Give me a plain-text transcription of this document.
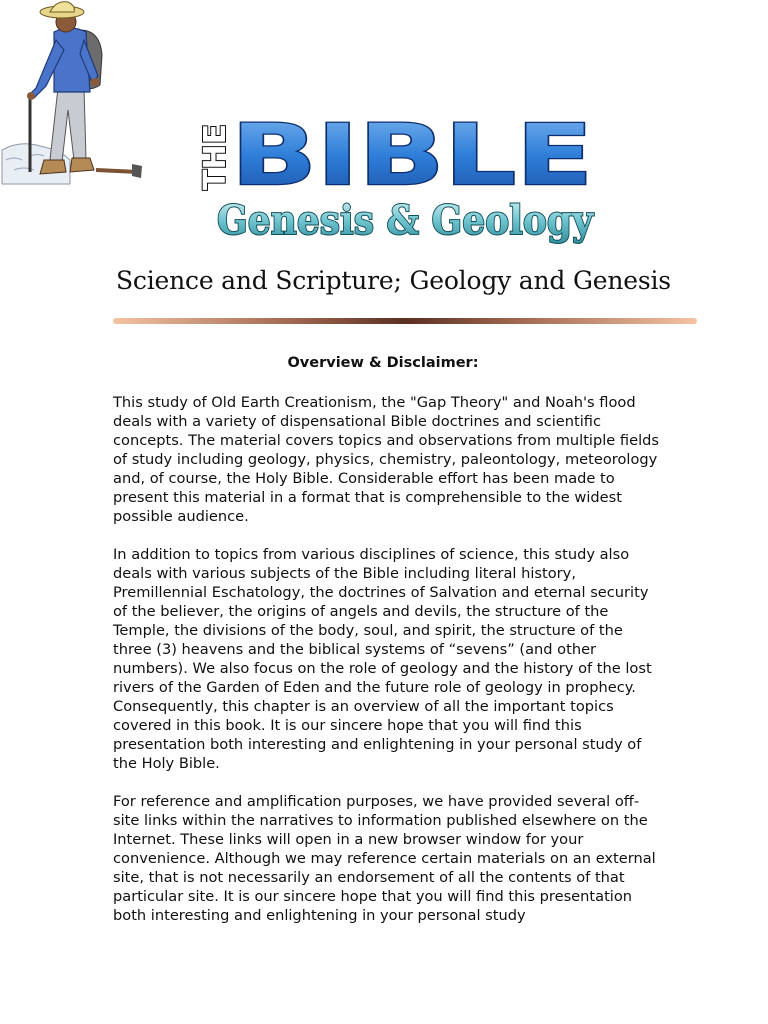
THE
BIBLE
Genesis & Geology
Science and Scripture; Geology and Genesis
Overview & Disclaimer:

This study of Old Earth Creationism, the "Gap Theory" and Noah's flood deals with a variety of dispensational Bible doctrines and scientific concepts. The material covers topics and observations from multiple fields of study including geology, physics, chemistry, paleontology, meteorology and, of course, the Holy Bible. Considerable effort has been made to present this material in a format that is comprehensible to the widest possible audience.

In addition to topics from various disciplines of science, this study also deals with various subjects of the Bible including literal history, Premillennial Eschatology, the doctrines of Salvation and eternal security of the believer, the origins of angels and devils, the structure of the Temple, the divisions of the body, soul, and spirit, the structure of the three (3) heavens and the biblical systems of “sevens” (and other numbers). We also focus on the role of geology and the history of the lost rivers of the Garden of Eden and the future role of geology in prophecy. Consequently, this chapter is an overview of all the important topics covered in this book. It is our sincere hope that you will find this presentation both interesting and enlightening in your personal study of the Holy Bible.

For reference and amplification purposes, we have provided several off-site links within the narratives to information published elsewhere on the Internet. These links will open in a new browser window for your convenience. Although we may reference certain materials on an external site, that is not necessarily an endorsement of all the contents of that particular site. It is our sincere hope that you will find this presentation both interesting and enlightening in your personal study
